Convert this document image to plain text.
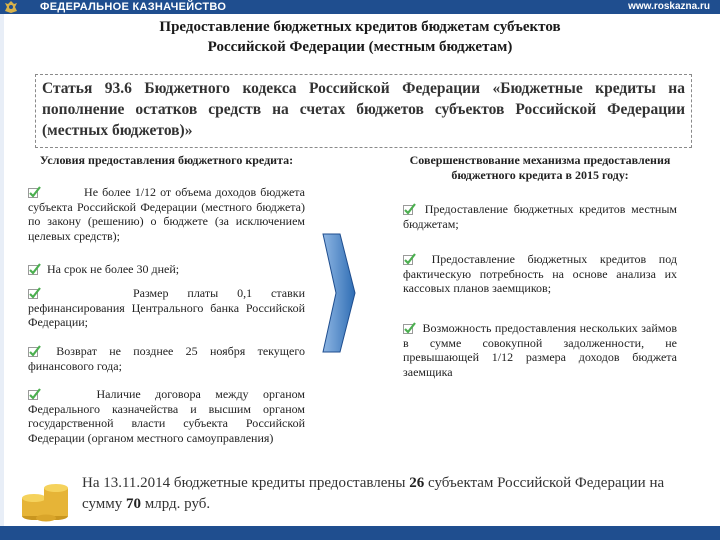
ФЕДЕРАЛЬНОЕ КАЗНАЧЕЙСТВО	www.roskazna.ru
Предоставление бюджетных кредитов бюджетам субъектов
Российской Федерации (местным бюджетам)
Статья 93.6 Бюджетного кодекса Российской Федерации «Бюджетные кредиты на пополнение остатков средств на счетах бюджетов субъектов Российской Федерации (местных бюджетов)»
Условия предоставления бюджетного кредита:
Не более 1/12 от объема доходов бюджета субъекта Российской Федерации (местного бюджета) по закону (решению) о бюджете (за исключением целевых средств);
На срок не более 30 дней;
Размер платы 0,1 ставки рефинансирования Центрального банка Российской Федерации;
Возврат не позднее 25 ноября текущего финансового года;
Наличие договора между органом Федерального казначейства и высшим органом государственной власти субъекта Российской Федерации (органом местного самоуправления)
Совершенствование механизма предоставления бюджетного кредита в 2015 году:
Предоставление бюджетных кредитов местным бюджетам;
Предоставление бюджетных кредитов под фактическую потребность на основе анализа их кассовых планов заемщиков;
Возможность предоставления нескольких займов в сумме совокупной задолженности, не превышающей 1/12 размера доходов бюджета заемщика
На 13.11.2014 бюджетные кредиты предоставлены 26 субъектам Российской Федерации на сумму 70 млрд. руб.
